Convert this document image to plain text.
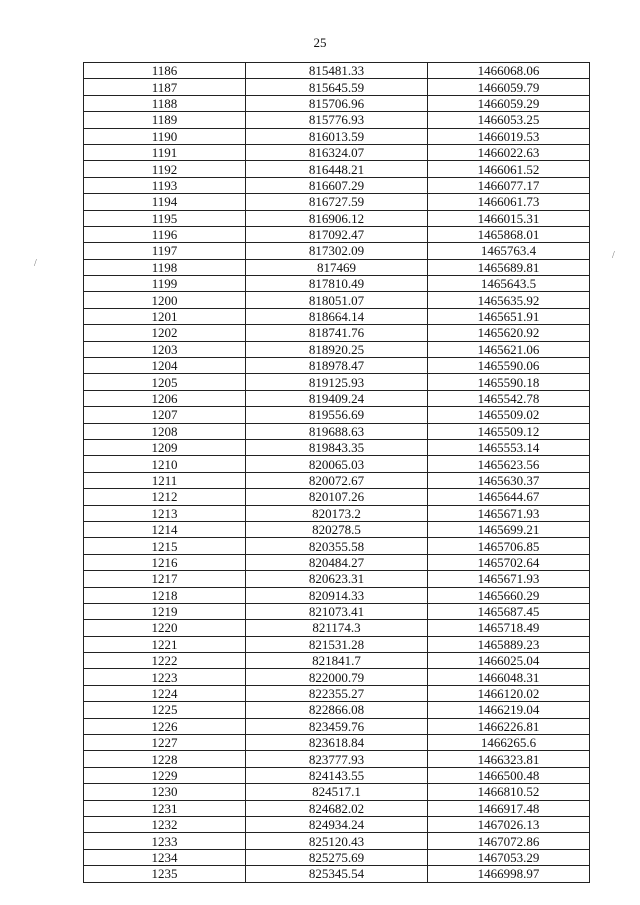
25
/
/
1186	815481.33	1466068.06
1187	815645.59	1466059.79
1188	815706.96	1466059.29
1189	815776.93	1466053.25
1190	816013.59	1466019.53
1191	816324.07	1466022.63
1192	816448.21	1466061.52
1193	816607.29	1466077.17
1194	816727.59	1466061.73
1195	816906.12	1466015.31
1196	817092.47	1465868.01
1197	817302.09	1465763.4
1198	817469	1465689.81
1199	817810.49	1465643.5
1200	818051.07	1465635.92
1201	818664.14	1465651.91
1202	818741.76	1465620.92
1203	818920.25	1465621.06
1204	818978.47	1465590.06
1205	819125.93	1465590.18
1206	819409.24	1465542.78
1207	819556.69	1465509.02
1208	819688.63	1465509.12
1209	819843.35	1465553.14
1210	820065.03	1465623.56
1211	820072.67	1465630.37
1212	820107.26	1465644.67
1213	820173.2	1465671.93
1214	820278.5	1465699.21
1215	820355.58	1465706.85
1216	820484.27	1465702.64
1217	820623.31	1465671.93
1218	820914.33	1465660.29
1219	821073.41	1465687.45
1220	821174.3	1465718.49
1221	821531.28	1465889.23
1222	821841.7	1466025.04
1223	822000.79	1466048.31
1224	822355.27	1466120.02
1225	822866.08	1466219.04
1226	823459.76	1466226.81
1227	823618.84	1466265.6
1228	823777.93	1466323.81
1229	824143.55	1466500.48
1230	824517.1	1466810.52
1231	824682.02	1466917.48
1232	824934.24	1467026.13
1233	825120.43	1467072.86
1234	825275.69	1467053.29
1235	825345.54	1466998.97
